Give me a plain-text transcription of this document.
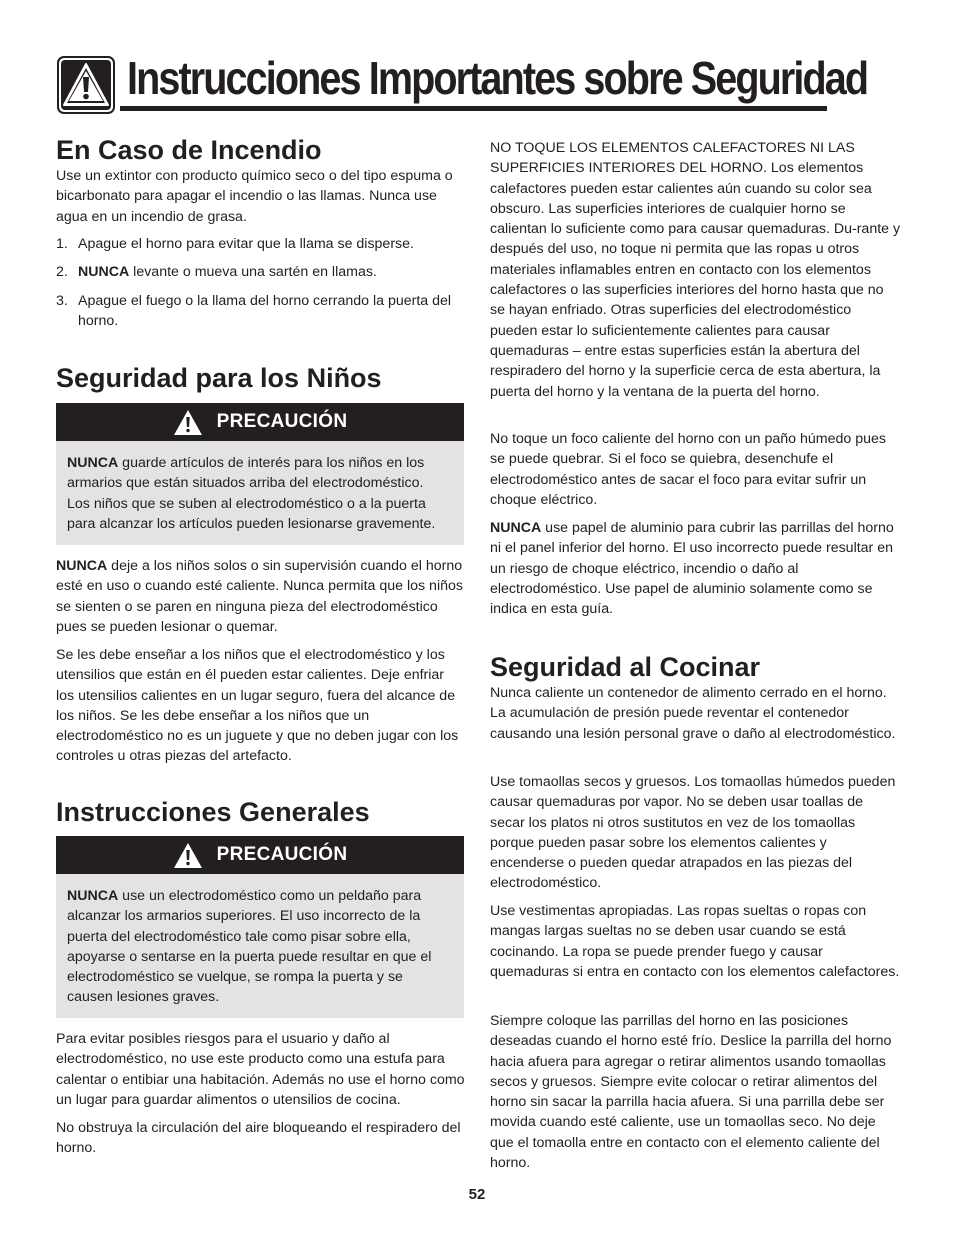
Instrucciones Importantes sobre Seguridad
En Caso de Incendio

Use un extintor con producto químico seco o del tipo espuma o bicarbonato para apagar el incendio o las llamas. Nunca use agua en un incendio de grasa.

1. Apague el horno para evitar que la llama se disperse.
2. NUNCA levante o mueva una sartén en llamas.
3. Apague el fuego o la llama del horno cerrando la puerta del horno.
Seguridad para los Niños
PRECAUCIÓN

NUNCA guarde artículos de interés para los niños en los armarios que están situados arriba del electrodoméstico. Los niños que se suben al electrodoméstico o a la puerta para alcanzar los artículos pueden lesionarse gravemente.

NUNCA deje a los niños solos o sin supervisión cuando el horno esté en uso o cuando esté caliente. Nunca permita que los niños se sienten o se paren en ninguna pieza del electrodoméstico pues se pueden lesionar o quemar.

Se les debe enseñar a los niños que el electrodoméstico y los utensilios que están en él pueden estar calientes. Deje enfriar los utensilios calientes en un lugar seguro, fuera del alcance de los niños. Se les debe enseñar a los niños que un electrodoméstico no es un juguete y que no deben jugar con los controles u otras piezas del artefacto.

Instrucciones Generales
PRECAUCIÓN

NUNCA use un electrodoméstico como un peldaño para alcanzar los armarios superiores. El uso incorrecto de la puerta del electrodoméstico tale como pisar sobre ella, apoyarse o sentarse en la puerta puede resultar en que el electrodoméstico se vuelque, se rompa la puerta y se causen lesiones graves.

Para evitar posibles riesgos para el usuario y daño al electrodoméstico, no use este producto como una estufa para calentar o entibiar una habitación. Además no use el horno como un lugar para guardar alimentos o utensilios de cocina.

No obstruya la circulación del aire bloqueando el respiradero del horno.

NO TOQUE LOS ELEMENTOS CALEFACTORES NI LAS SUPERFICIES INTERIORES DEL HORNO. Los elementos calefactores pueden estar calientes aún cuando su color sea obscuro. Las superficies interiores de cualquier horno se calientan lo suficiente como para causar quemaduras. Du-rante y después del uso, no toque ni permita que las ropas u otros materiales inflamables entren en contacto con los elementos calefactores o las superficies interiores del horno hasta que no se hayan enfriado. Otras superficies del electrodoméstico pueden estar lo suficientemente calientes para causar quemaduras – entre estas superficies están la abertura del respiradero del horno y la superficie cerca de esta abertura, la puerta del horno y la ventana de la puerta del horno.

No toque un foco caliente del horno con un paño húmedo pues se puede quebrar. Si el foco se quiebra, desenchufe el electrodoméstico antes de sacar el foco para evitar sufrir un choque eléctrico.

NUNCA use papel de aluminio para cubrir las parrillas del horno ni el panel inferior del horno. El uso incorrecto puede resultar en un riesgo de choque eléctrico, incendio o daño al electrodoméstico. Use papel de aluminio solamente como se indica en esta guía.

Seguridad al Cocinar

Nunca caliente un contenedor de alimento cerrado en el horno. La acumulación de presión puede reventar el contenedor causando una lesión personal grave o daño al electrodoméstico.

Use tomaollas secos y gruesos. Los tomaollas húmedos pueden causar quemaduras por vapor. No se deben usar toallas de secar los platos ni otros sustitutos en vez de los tomaollas porque pueden pasar sobre los elementos calientes y encenderse o pueden quedar atrapados en las piezas del electrodoméstico.

Use vestimentas apropiadas. Las ropas sueltas o ropas con mangas largas sueltas no se deben usar cuando se está cocinando. La ropa se puede prender fuego y causar quemaduras si entra en contacto con los elementos calefactores.

Siempre coloque las parrillas del horno en las posiciones deseadas cuando el horno esté frío. Deslice la parrilla del horno hacia afuera para agregar o retirar alimentos usando tomaollas secos y gruesos. Siempre evite colocar o retirar alimentos del horno sin sacar la parrilla hacia afuera. Si una parrilla debe ser movida cuando esté caliente, use un tomaollas seco. No deje que el tomaolla entre en contacto con el elemento caliente del horno.

52
